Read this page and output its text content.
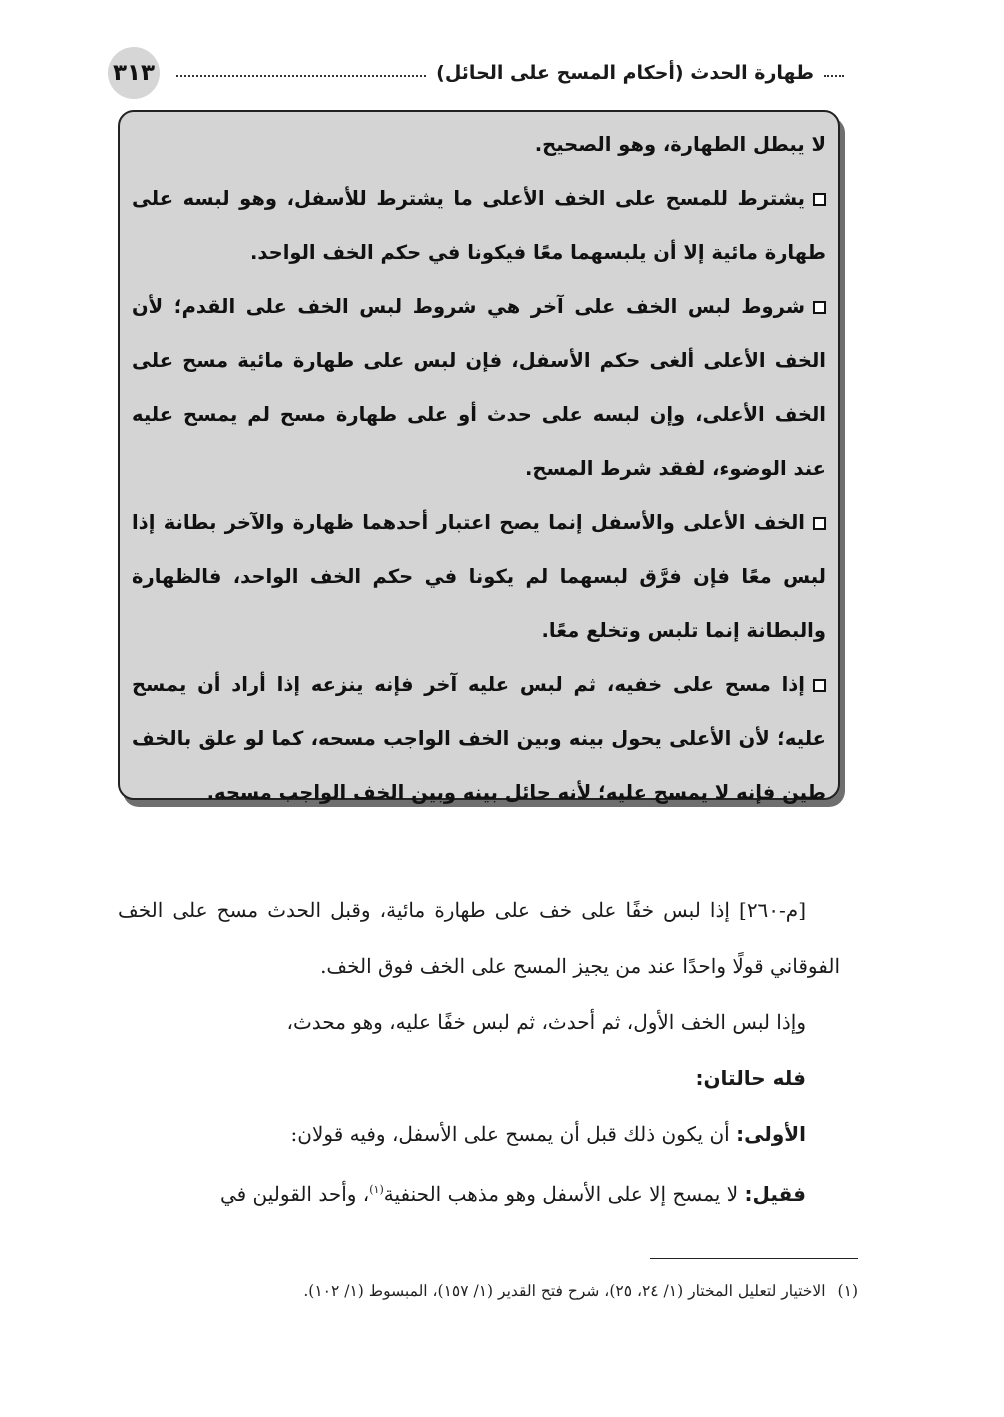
٣١٣	طهارة الحدث (أحكام المسح على الحائل)

لا يبطل الطهارة، وهو الصحيح.

يشترط للمسح على الخف الأعلى ما يشترط للأسفل، وهو لبسه على طهارة مائية إلا أن يلبسهما معًا فيكونا في حكم الخف الواحد.

شروط لبس الخف على آخر هي شروط لبس الخف على القدم؛ لأن الخف الأعلى ألغى حكم الأسفل، فإن لبس على طهارة مائية مسح على الخف الأعلى، وإن لبسه على حدث أو على طهارة مسح لم يمسح عليه عند الوضوء، لفقد شرط المسح.

الخف الأعلى والأسفل إنما يصح اعتبار أحدهما ظهارة والآخر بطانة إذا لبس معًا فإن فرَّق لبسهما لم يكونا في حكم الخف الواحد، فالظهارة والبطانة إنما تلبس وتخلع معًا.

إذا مسح على خفيه، ثم لبس عليه آخر فإنه ينزعه إذا أراد أن يمسح عليه؛ لأن الأعلى يحول بينه وبين الخف الواجب مسحه، كما لو علق بالخف طين فإنه لا يمسح عليه؛ لأنه حائل بينه وبين الخف الواجب مسحه.

[م-٢٦٠] إذا لبس خفًا على خف على طهارة مائية، وقبل الحدث مسح على الخف الفوقاني قولًا واحدًا عند من يجيز المسح على الخف فوق الخف.

وإذا لبس الخف الأول، ثم أحدث، ثم لبس خفًا عليه، وهو محدث،

فله حالتان:

الأولى: أن يكون ذلك قبل أن يمسح على الأسفل، وفيه قولان:

فقيل: لا يمسح إلا على الأسفل وهو مذهب الحنفية$^{(١)}$، وأحد القولين في

(١)الاختيار لتعليل المختار (١/ ٢٤، ٢٥)، شرح فتح القدير (١/ ١٥٧)، المبسوط (١/ ١٠٢).
